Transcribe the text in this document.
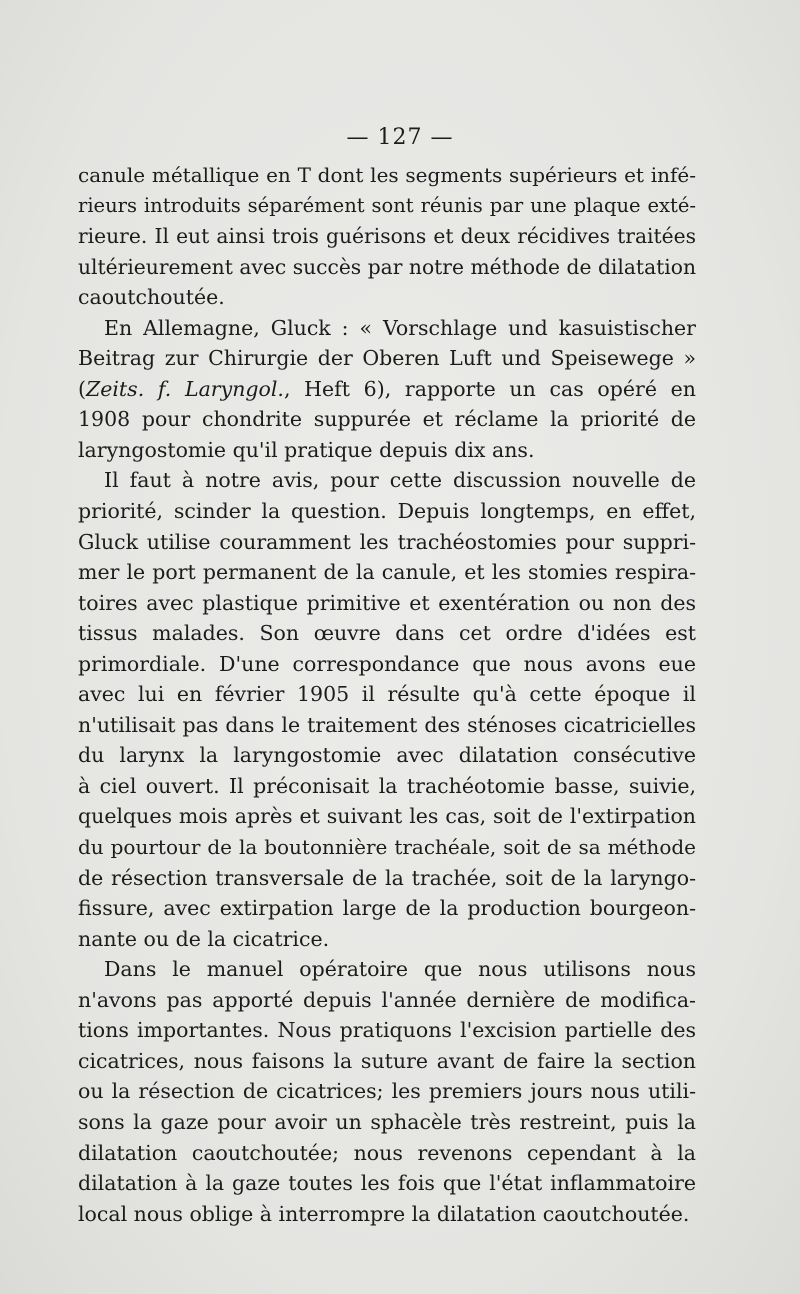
— 127 —
canule métallique en T dont les segments supérieurs et infé-
rieurs introduits séparément sont réunis par une plaque exté-
rieure. Il eut ainsi trois guérisons et deux récidives traitées
ultérieurement avec succès par notre méthode de dilatation
caoutchoutée.
En Allemagne, Gluck : « Vorschlage und kasuistischer
Beitrag zur Chirurgie der Oberen Luft und Speisewege »
(Zeits. f. Laryngol., Heft 6), rapporte un cas opéré en
1908 pour chondrite suppurée et réclame la priorité de
laryngostomie qu'il pratique depuis dix ans.
Il faut à notre avis, pour cette discussion nouvelle de
priorité, scinder la question. Depuis longtemps, en effet,
Gluck utilise couramment les trachéostomies pour suppri-
mer le port permanent de la canule, et les stomies respira-
toires avec plastique primitive et exentération ou non des
tissus malades. Son œuvre dans cet ordre d'idées est
primordiale. D'une correspondance que nous avons eue
avec lui en février 1905 il résulte qu'à cette époque il
n'utilisait pas dans le traitement des sténoses cicatricielles
du larynx la laryngostomie avec dilatation consécutive
à ciel ouvert. Il préconisait la trachéotomie basse, suivie,
quelques mois après et suivant les cas, soit de l'extirpation
du pourtour de la boutonnière trachéale, soit de sa méthode
de résection transversale de la trachée, soit de la laryngo-
fissure, avec extirpation large de la production bourgeon-
nante ou de la cicatrice.
Dans le manuel opératoire que nous utilisons nous
n'avons pas apporté depuis l'année dernière de modifica-
tions importantes. Nous pratiquons l'excision partielle des
cicatrices, nous faisons la suture avant de faire la section
ou la résection de cicatrices; les premiers jours nous utili-
sons la gaze pour avoir un sphacèle très restreint, puis la
dilatation caoutchoutée; nous revenons cependant à la
dilatation à la gaze toutes les fois que l'état inflammatoire
local nous oblige à interrompre la dilatation caoutchoutée.
